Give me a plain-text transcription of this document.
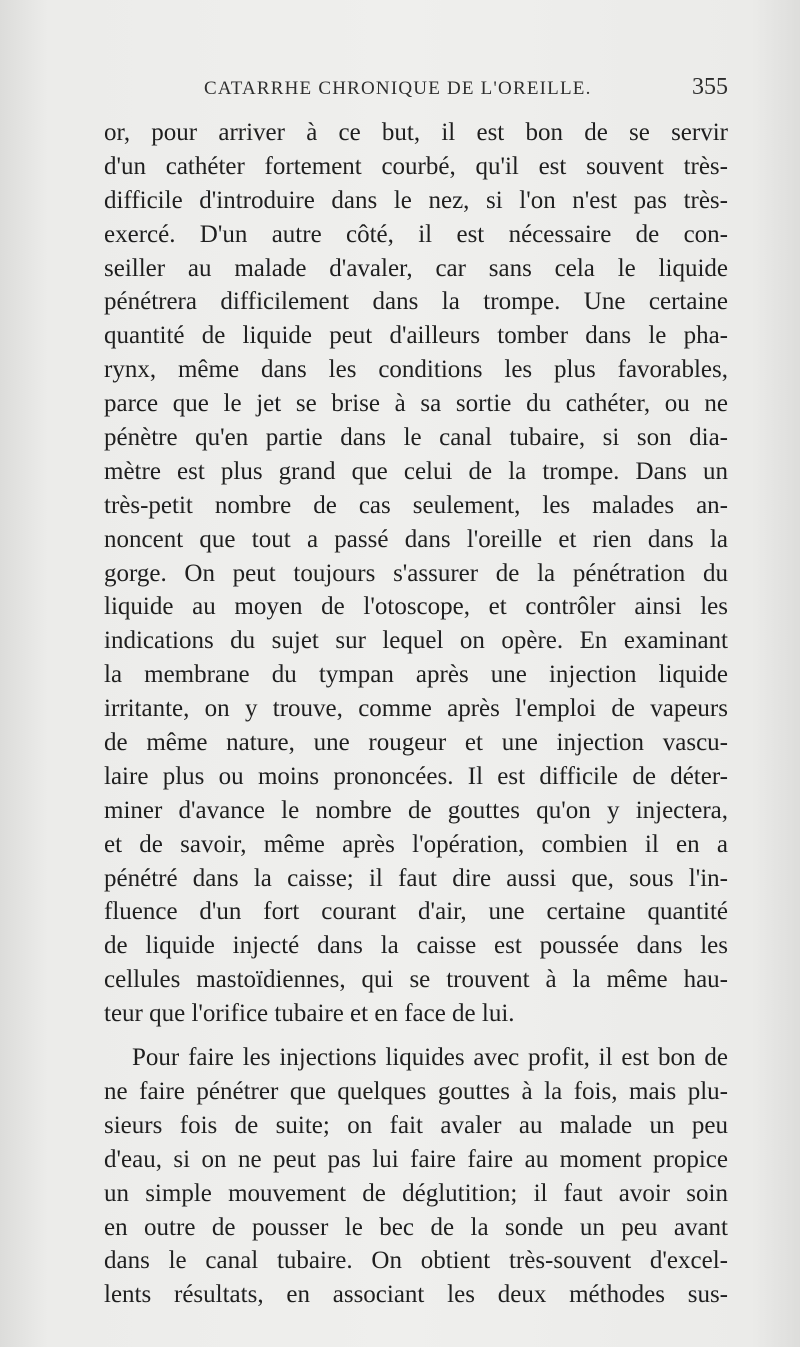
CATARRHE CHRONIQUE DE L'OREILLE.	355
or, pour arriver à ce but, il est bon de se servir
d'un cathéter fortement courbé, qu'il est souvent très-
difficile d'introduire dans le nez, si l'on n'est pas très-
exercé. D'un autre côté, il est nécessaire de con-
seiller au malade d'avaler, car sans cela le liquide
pénétrera difficilement dans la trompe. Une certaine
quantité de liquide peut d'ailleurs tomber dans le pha-
rynx, même dans les conditions les plus favorables,
parce que le jet se brise à sa sortie du cathéter, ou ne
pénètre qu'en partie dans le canal tubaire, si son dia-
mètre est plus grand que celui de la trompe. Dans un
très-petit nombre de cas seulement, les malades an-
noncent que tout a passé dans l'oreille et rien dans la
gorge. On peut toujours s'assurer de la pénétration du
liquide au moyen de l'otoscope, et contrôler ainsi les
indications du sujet sur lequel on opère. En examinant
la membrane du tympan après une injection liquide
irritante, on y trouve, comme après l'emploi de vapeurs
de même nature, une rougeur et une injection vascu-
laire plus ou moins prononcées. Il est difficile de déter-
miner d'avance le nombre de gouttes qu'on y injectera,
et de savoir, même après l'opération, combien il en a
pénétré dans la caisse; il faut dire aussi que, sous l'in-
fluence d'un fort courant d'air, une certaine quantité
de liquide injecté dans la caisse est poussée dans les
cellules mastoïdiennes, qui se trouvent à la même hau-
teur que l'orifice tubaire et en face de lui.
Pour faire les injections liquides avec profit, il est bon de
ne faire pénétrer que quelques gouttes à la fois, mais plu-
sieurs fois de suite; on fait avaler au malade un peu
d'eau, si on ne peut pas lui faire faire au moment propice
un simple mouvement de déglutition; il faut avoir soin
en outre de pousser le bec de la sonde un peu avant
dans le canal tubaire. On obtient très-souvent d'excel-
lents résultats, en associant les deux méthodes sus-
